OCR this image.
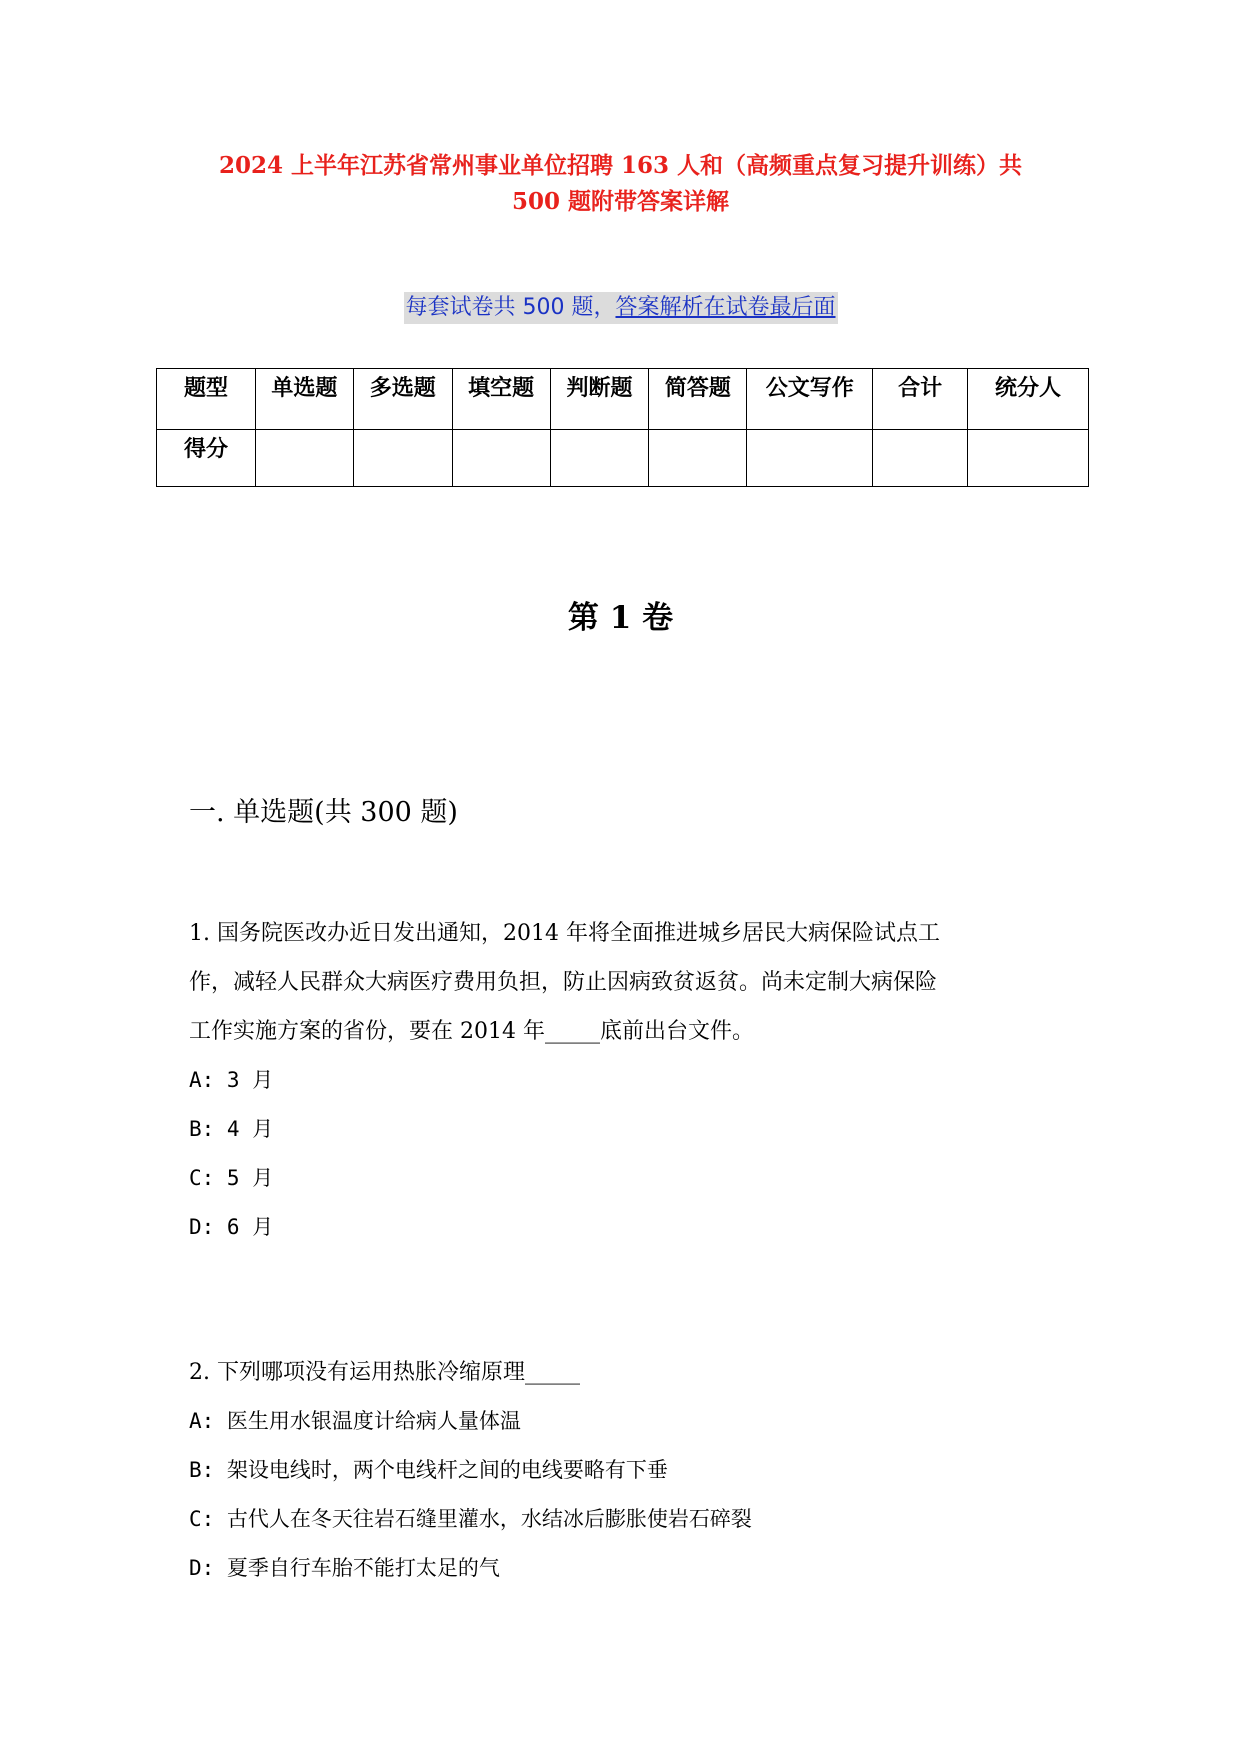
2024 上半年江苏省常州事业单位招聘 163 人和（高频重点复习提升训练）共
500 题附带答案详解
每套试卷共 500 题，答案解析在试卷最后面
题型	单选题	多选题	填空题	判断题	简答题	公文写作	合计	统分人
得分								
第 1 卷
一. 单选题(共 300 题)
1. 国务院医改办近日发出通知，2014 年将全面推进城乡居民大病保险试点工
作，减轻人民群众大病医疗费用负担，防止因病致贫返贫。尚未定制大病保险
工作实施方案的省份，要在 2014 年_____底前出台文件。
A: 3 月
B: 4 月
C: 5 月
D: 6 月
2. 下列哪项没有运用热胀冷缩原理_____
A: 医生用水银温度计给病人量体温
B: 架设电线时，两个电线杆之间的电线要略有下垂
C: 古代人在冬天往岩石缝里灌水，水结冰后膨胀使岩石碎裂
D: 夏季自行车胎不能打太足的气
